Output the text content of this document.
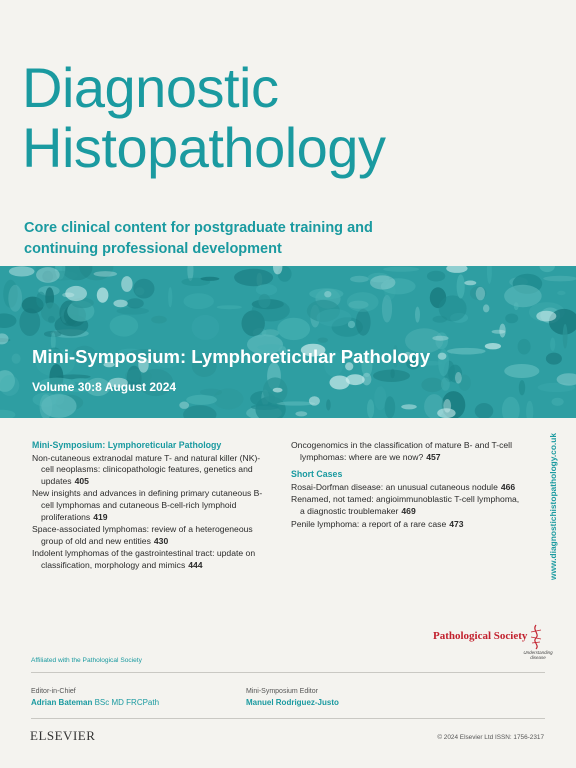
Diagnostic
Histopathology
Core clinical content for postgraduate training and continuing professional development
Mini-Symposium: Lymphoreticular Pathology
Volume 30:8 August 2024
Mini-Symposium: Lymphoreticular Pathology
Non-cutaneous extranodal mature T- and natural killer (NK)-cell neoplasms: clinicopathologic features, genetics and updates 405
New insights and advances in defining primary cutaneous B-cell lymphomas and cutaneous B-cell-rich lymphoid proliferations 419
Space-associated lymphomas: review of a heterogeneous group of old and new entities 430
Indolent lymphomas of the gastrointestinal tract: update on classification, morphology and mimics 444
Oncogenomics in the classification of mature B- and T-cell lymphomas: where are we now? 457
Short Cases
Rosai-Dorfman disease: an unusual cutaneous nodule 466
Renamed, not tamed: angioimmunoblastic T-cell lymphoma, a diagnostic troublemaker 469
Penile lymphoma: a report of a rare case 473	www.diagnostichistopathology.co.uk
Pathological Society
Understanding
disease
Affiliated with the Pathological Society
Editor-in-Chief
Adrian Bateman BSc MD FRCPath
Mini-Symposium Editor
Manuel Rodriguez-Justo
ELSEVIER	© 2024 Elsevier Ltd ISSN: 1756-2317
